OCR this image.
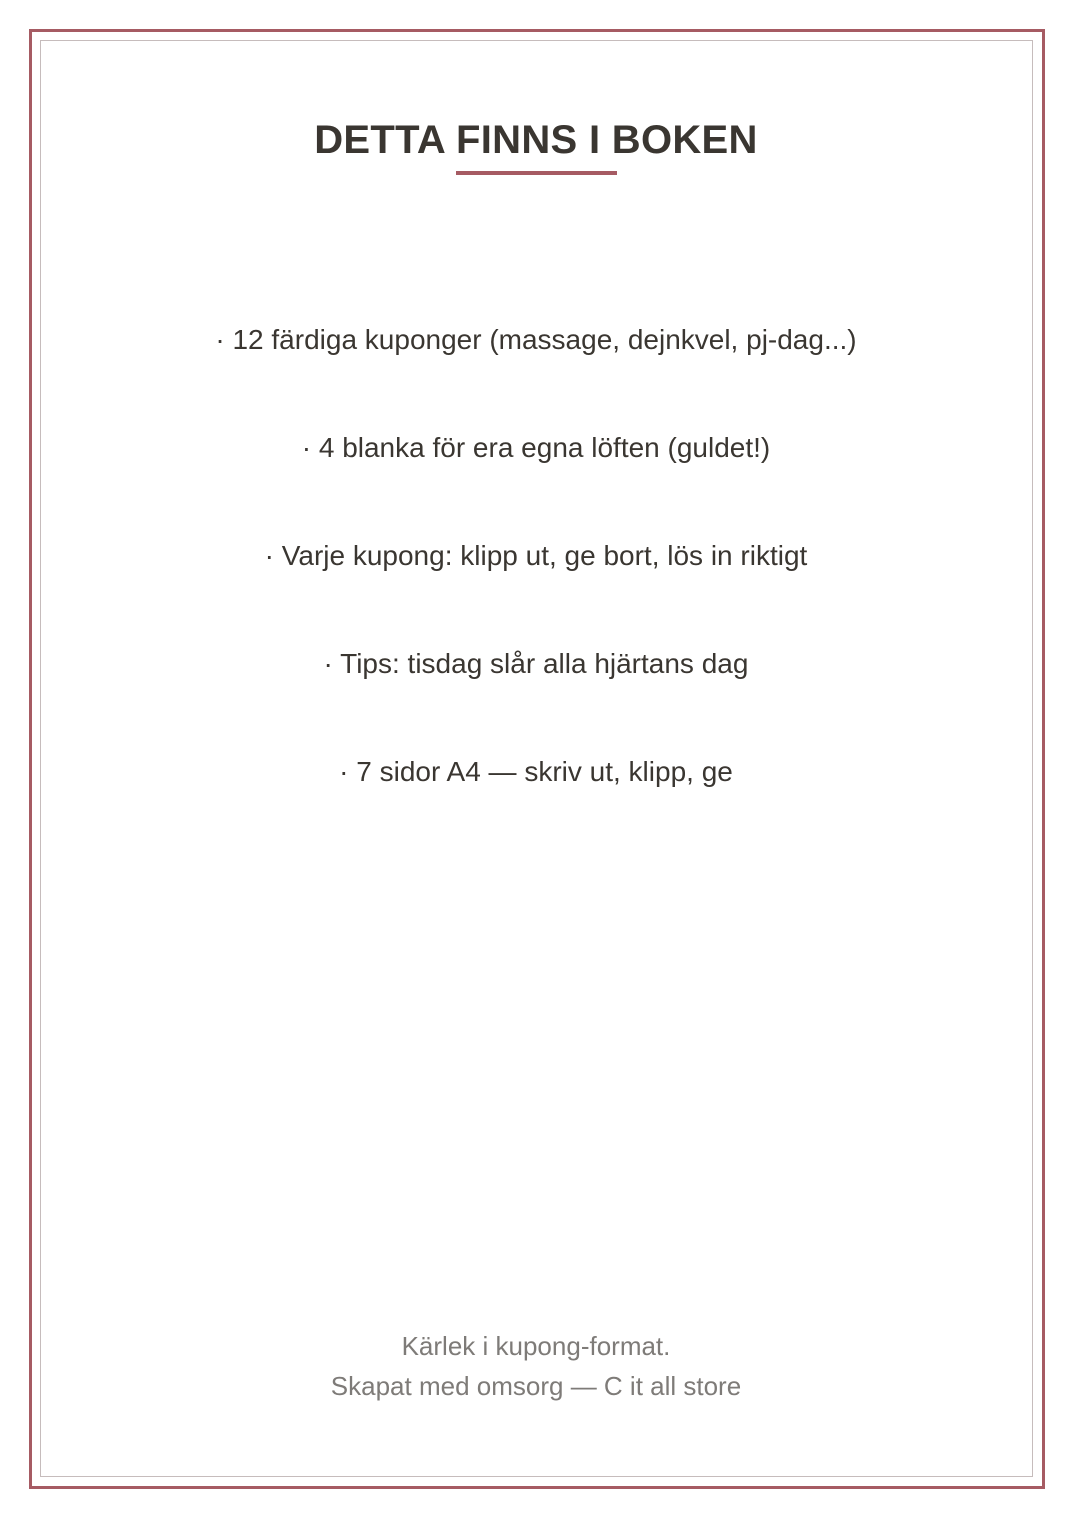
DETTA FINNS I BOKEN
· 12 färdiga kuponger (massage, dejnkvel, pj-dag...)
· 4 blanka för era egna löften (guldet!)
· Varje kupong: klipp ut, ge bort, lös in riktigt
· Tips: tisdag slår alla hjärtans dag
· 7 sidor A4 — skriv ut, klipp, ge
Kärlek i kupong-format.
Skapat med omsorg — C it all store
